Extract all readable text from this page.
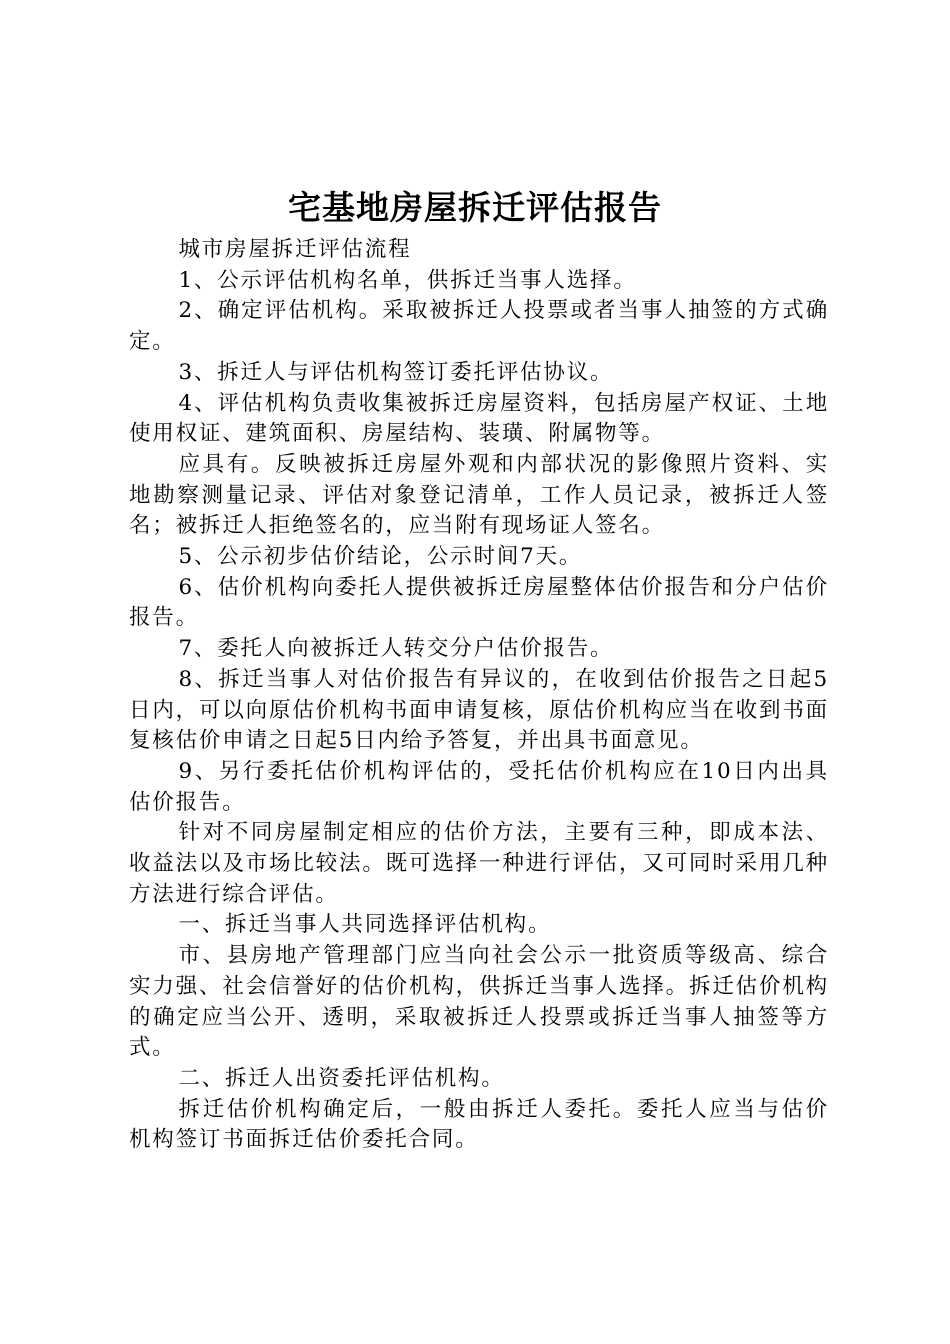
宅基地房屋拆迁评估报告

城市房屋拆迁评估流程

1、公示评估机构名单，供拆迁当事人选择。

2、确定评估机构。采取被拆迁人投票或者当事人抽签的方式确定。

3、拆迁人与评估机构签订委托评估协议。

4、评估机构负责收集被拆迁房屋资料，包括房屋产权证、土地使用权证、建筑面积、房屋结构、装璜、附属物等。

应具有。反映被拆迁房屋外观和内部状况的影像照片资料、实地勘察测量记录、评估对象登记清单，工作人员记录，被拆迁人签名；被拆迁人拒绝签名的，应当附有现场证人签名。

5、公示初步估价结论，公示时间7天。

6、估价机构向委托人提供被拆迁房屋整体估价报告和分户估价报告。

7、委托人向被拆迁人转交分户估价报告。

8、拆迁当事人对估价报告有异议的，在收到估价报告之日起5日内，可以向原估价机构书面申请复核，原估价机构应当在收到书面复核估价申请之日起5日内给予答复，并出具书面意见。

9、另行委托估价机构评估的，受托估价机构应在10日内出具估价报告。

针对不同房屋制定相应的估价方法，主要有三种，即成本法、收益法以及市场比较法。既可选择一种进行评估，又可同时采用几种方法进行综合评估。

一、拆迁当事人共同选择评估机构。

市、县房地产管理部门应当向社会公示一批资质等级高、综合实力强、社会信誉好的估价机构，供拆迁当事人选择。拆迁估价机构的确定应当公开、透明，采取被拆迁人投票或拆迁当事人抽签等方式。

二、拆迁人出资委托评估机构。

拆迁估价机构确定后，一般由拆迁人委托。委托人应当与估价机构签订书面拆迁估价委托合同。
